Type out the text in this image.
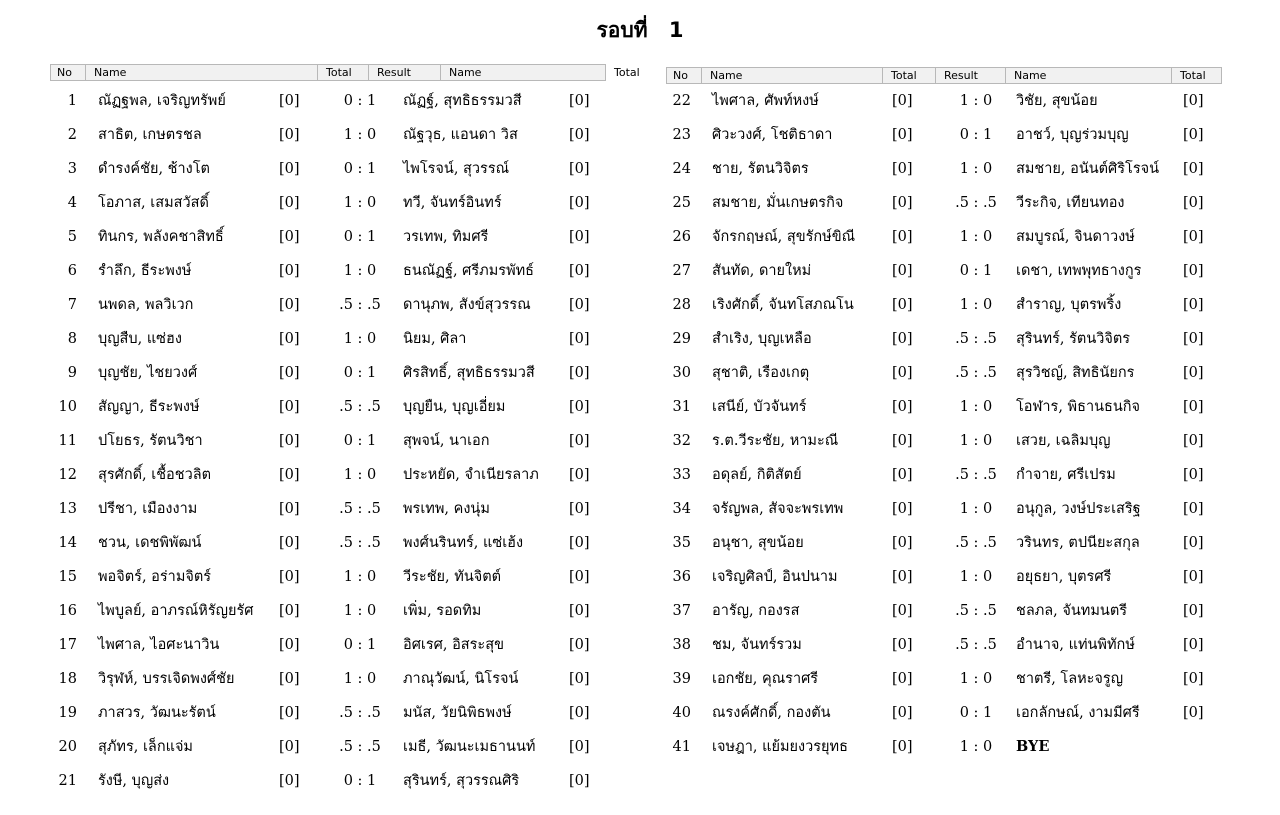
รอบที่ 1
No	Name	Total	Result	Name	Total
1 ณัฏฐพล, เจริญทรัพย์	[0]	0 : 1	ณัฏฐ์, สุทธิธรรมวสี	[0]
2 สาธิต, เกษตรชล	[0]	1 : 0	ณัฐวุธ, แอนดา วิส	[0]
3 ดำรงค์ชัย, ช้างโต	[0]	0 : 1	ไพโรจน์, สุวรรณ์	[0]
4 โอภาส, เสมสวัสดิ์	[0]	1 : 0	ทวี, จันทร์อินทร์	[0]
5 ทินกร, พลังคชาสิทธิ์	[0]	0 : 1	วรเทพ, ทิมศรี	[0]
6 รำลึก, ธีระพงษ์	[0]	1 : 0	ธนณัฏฐ์, ศรีภมรพัทธ์ [0]
7 นพดล, พลวิเวก	[0]	.5 : .5	ดานุภพ, สังข์สุวรรณ	[0]
8 บุญสืบ, แซ่ฮง	[0]	1 : 0	นิยม, ศิลา	[0]
9 บุญชัย, ไชยวงศ์	[0]	0 : 1	ศิรสิทธิ์, สุทธิธรรมวสี [0]
10 สัญญา, ธีระพงษ์	[0]	.5 : .5	บุญยืน, บุญเอี่ยม	[0]
11 ปโยธร, รัตนวิชา	[0]	0 : 1	สุพจน์, นาเอก	[0]
12 สุรศักดิ์, เชื้อชวลิต	[0]	1 : 0	ประหยัด, จำเนียรลาภ [0]
13 ปรีชา, เมืองงาม	[0]	.5 : .5	พรเทพ, คงนุ่ม	[0]
14 ชวน, เดชพิพัฒน์	[0]	.5 : .5	พงศ์นรินทร์, แซ่เฮ้ง	[0]
15 พอจิตร์, อร่ามจิตร์	[0]	1 : 0	วีระชัย, ทันจิตต์	[0]
16 ไพบูลย์, อาภรณ์หิรัญยรัศ [0]	1 : 0	เพิ่ม, รอดทิม	[0]
17 ไพศาล, ไอศะนาวิน	[0]	0 : 1	อิศเรศ, อิสระสุข	[0]
18 วิรุฬห์, บรรเจิดพงศ์ชัย	[0]	1 : 0	ภาณุวัฒน์, นิโรจน์	[0]
19 ภาสวร, วัฒนะรัตน์	[0]	.5 : .5	มนัส, วัยนิพิธพงษ์	[0]
20 สุภัทร, เล็กแจ่ม	[0]	.5 : .5	เมธี, วัฒนะเมธานนท์ [0]
21 รังษี, บุญส่ง	[0]	0 : 1	สุรินทร์, สุวรรณศิริ	[0]
No	Name	Total	Result	Name	Total
22 ไพศาล, ศัพท์หงษ์	[0]	1 : 0	วิชัย, สุขน้อย	[0]
23 ศิวะวงศ์, โชติธาดา	[0]	0 : 1	อาชว์, บุญร่วมบุญ	[0]
24 ชาย, รัตนวิจิตร	[0]	1 : 0	สมชาย, อนันต์ศิริโรจน์ [0]
25 สมชาย, มั่นเกษตรกิจ	[0]	.5 : .5	วีระกิจ, เทียนทอง	[0]
26 จักรกฤษณ์, สุขรักษ์ขิณี	[0]	1 : 0	สมบูรณ์, จินดาวงษ์	[0]
27 สันทัด, ดายใหม่	[0]	0 : 1	เดชา, เทพพุทธางกูร	[0]
28 เริงศักดิ์, จันทโสภณโน	[0]	1 : 0	สำราญ, บุตรพริ้ง	[0]
29 สำเริง, บุญเหลือ	[0]	.5 : .5	สุรินทร์, รัตนวิจิตร	[0]
30 สุชาติ, เรืองเกตุ	[0]	.5 : .5	สุรวิชญ์, สิทธินัยกร	[0]
31 เสนีย์, บัวจันทร์	[0]	1 : 0	โอฬาร, พิธานธนกิจ	[0]
32 ร.ต.วีระชัย, หามะณี	[0]	1 : 0	เสวย, เฉลิมบุญ	[0]
33 อดุลย์, กิติสัตย์	[0]	.5 : .5	กำจาย, ศรีเปรม	[0]
34 จรัญพล, สัจจะพรเทพ	[0]	1 : 0	อนุกูล, วงษ์ประเสริฐ	[0]
35 อนุชา, สุขน้อย	[0]	.5 : .5	วรินทร, ตปนียะสกุล	[0]
36 เจริญศิลป์, อินปนาม	[0]	1 : 0	อยุธยา, บุตรศรี	[0]
37 อารัญ, กองรส	[0]	.5 : .5	ชลภล, จันทมนตรี	[0]
38 ชม, จันทร์รวม	[0]	.5 : .5	อำนาจ, แท่นพิทักษ์	[0]
39 เอกชัย, คุณราศรี	[0]	1 : 0	ชาตรี, โลหะจรูญ	[0]
40 ณรงค์ศักดิ์, กองตัน	[0]	0 : 1	เอกลักษณ์, งามมีศรี	[0]
41 เจษฎา, แย้มยงวรยุทธ	[0]	1 : 0	BYE
